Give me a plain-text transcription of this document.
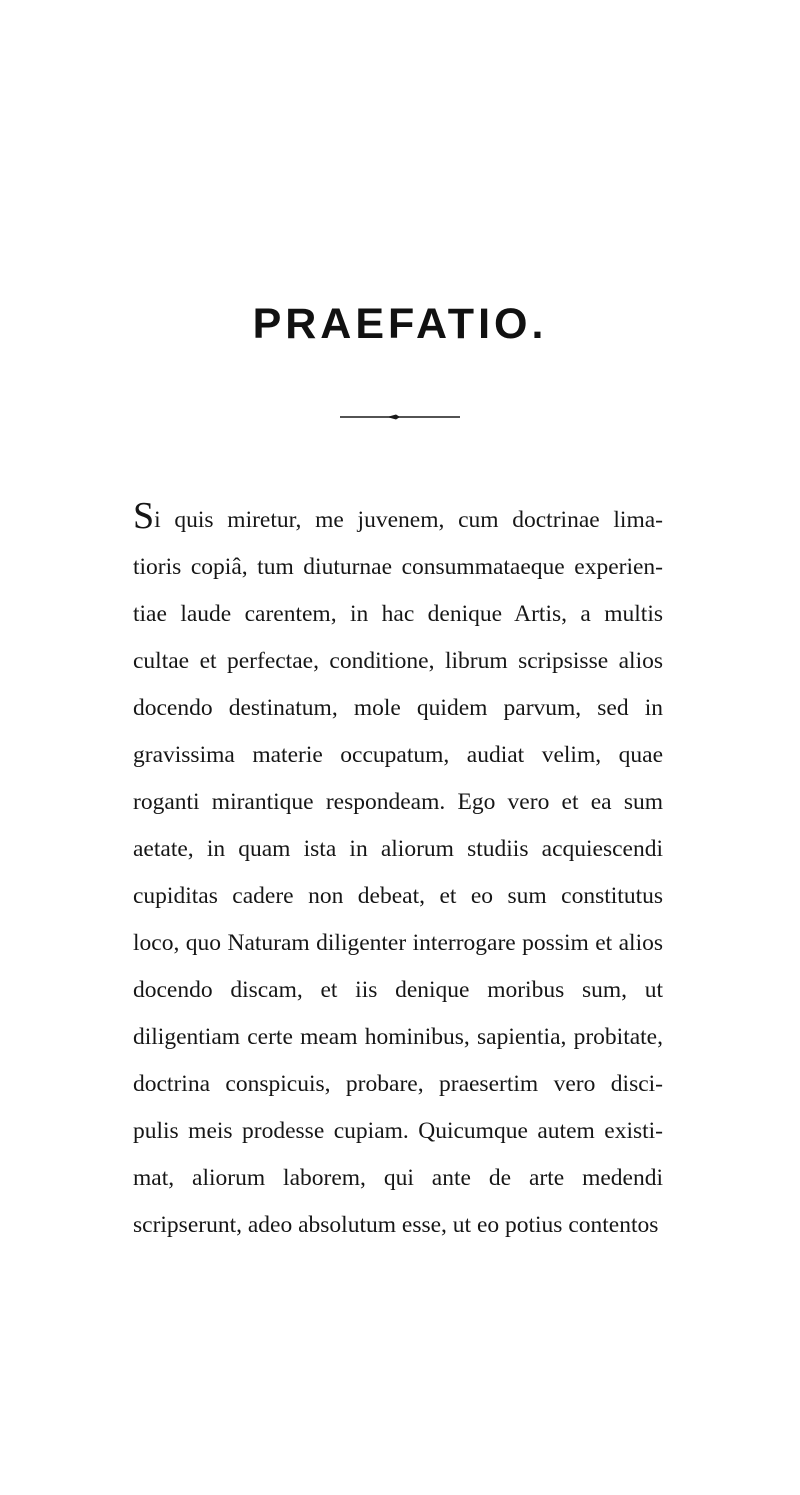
PRAEFATIO.
Si quis miretur, me juvenem, cum doctrinae lima-
tioris copiâ, tum diuturnae consummataeque experien-
tiae laude carentem, in hac denique Artis, a multis
cultae et perfectae, conditione, librum scripsisse alios
docendo destinatum, mole quidem parvum, sed in
gravissima materie occupatum, audiat velim, quae
roganti mirantique respondeam. Ego vero et ea sum
aetate, in quam ista in aliorum studiis acquiescendi
cupiditas cadere non debeat, et eo sum constitutus
loco, quo Naturam diligenter interrogare possim et alios
docendo discam, et iis denique moribus sum, ut
diligentiam certe meam hominibus, sapientia, probitate,
doctrina conspicuis, probare, praesertim vero disci-
pulis meis prodesse cupiam. Quicumque autem existi-
mat, aliorum laborem, qui ante de arte medendi
scripserunt, adeo absolutum esse, ut eo potius contentos
